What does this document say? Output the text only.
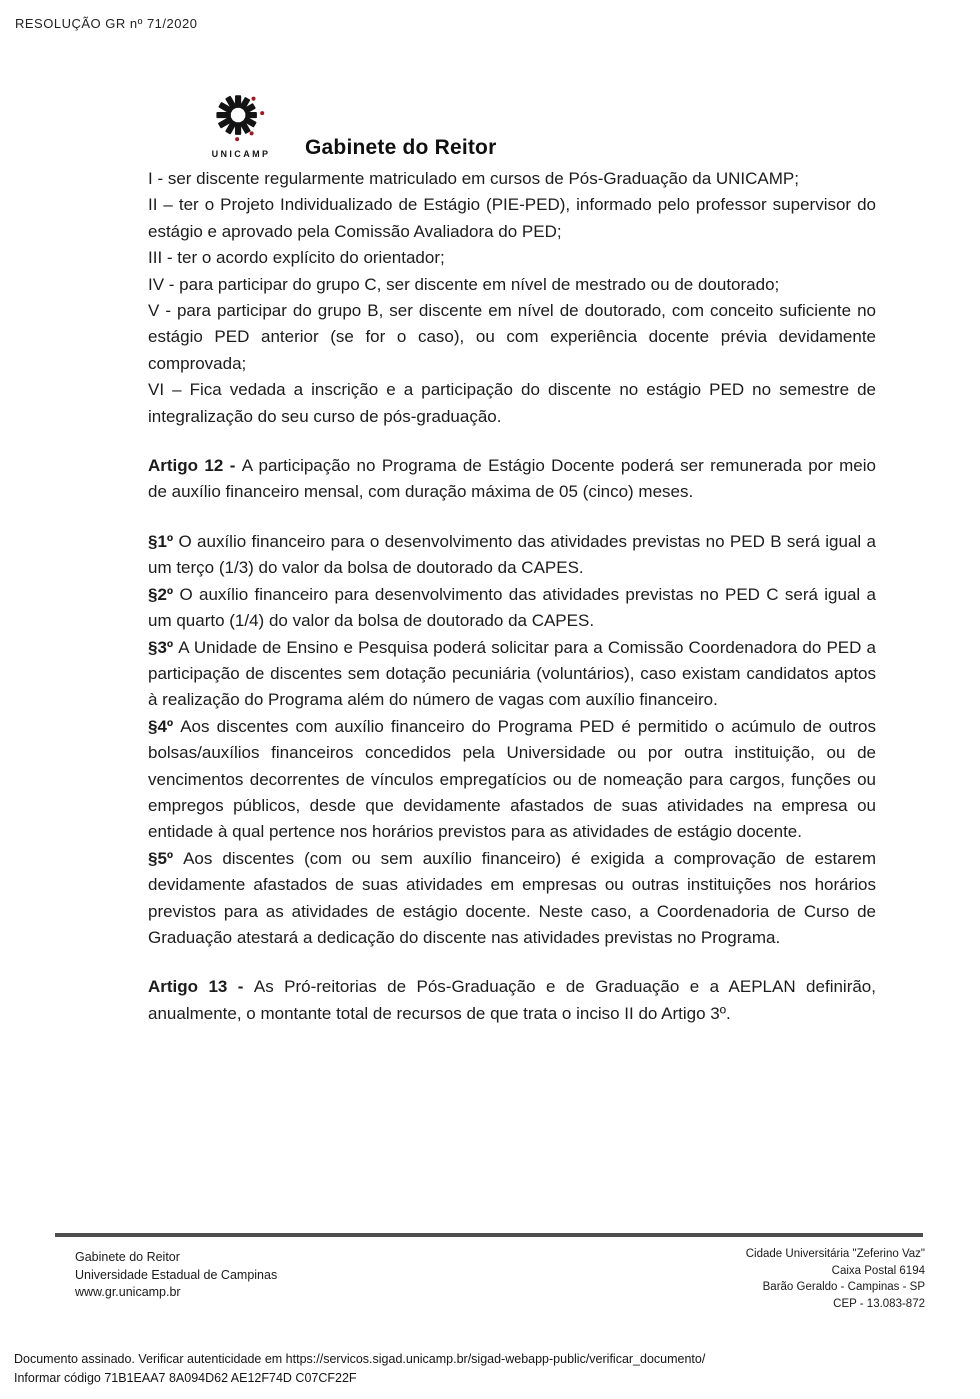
RESOLUÇÃO GR nº 71/2020
UNICAMP Gabinete do Reitor

I - ser discente regularmente matriculado em cursos de Pós-Graduação da UNICAMP;

II – ter o Projeto Individualizado de Estágio (PIE-PED), informado pelo professor supervisor do estágio e aprovado pela Comissão Avaliadora do PED;

III - ter o acordo explícito do orientador;

IV - para participar do grupo C, ser discente em nível de mestrado ou de doutorado;

V - para participar do grupo B, ser discente em nível de doutorado, com conceito suficiente no estágio PED anterior (se for o caso), ou com experiência docente prévia devidamente comprovada;

VI – Fica vedada a inscrição e a participação do discente no estágio PED no semestre de integralização do seu curso de pós-graduação.

Artigo 12 - A participação no Programa de Estágio Docente poderá ser remunerada por meio de auxílio financeiro mensal, com duração máxima de 05 (cinco) meses.

§1º O auxílio financeiro para o desenvolvimento das atividades previstas no PED B será igual a um terço (1/3) do valor da bolsa de doutorado da CAPES.

§2º O auxílio financeiro para desenvolvimento das atividades previstas no PED C será igual a um quarto (1/4) do valor da bolsa de doutorado da CAPES.

§3º A Unidade de Ensino e Pesquisa poderá solicitar para a Comissão Coordenadora do PED a participação de discentes sem dotação pecuniária (voluntários), caso existam candidatos aptos à realização do Programa além do número de vagas com auxílio financeiro.

§4º Aos discentes com auxílio financeiro do Programa PED é permitido o acúmulo de outros bolsas/auxílios financeiros concedidos pela Universidade ou por outra instituição, ou de vencimentos decorrentes de vínculos empregatícios ou de nomeação para cargos, funções ou empregos públicos, desde que devidamente afastados de suas atividades na empresa ou entidade à qual pertence nos horários previstos para as atividades de estágio docente.

§5º Aos discentes (com ou sem auxílio financeiro) é exigida a comprovação de estarem devidamente afastados de suas atividades em empresas ou outras instituições nos horários previstos para as atividades de estágio docente. Neste caso, a Coordenadoria de Curso de Graduação atestará a dedicação do discente nas atividades previstas no Programa.

Artigo 13 - As Pró-reitorias de Pós-Graduação e de Graduação e a AEPLAN definirão, anualmente, o montante total de recursos de que trata o inciso II do Artigo 3º.

Gabinete do Reitor
Universidade Estadual de Campinas
www.gr.unicamp.br
Cidade Universitária "Zeferino Vaz"
Caixa Postal 6194
Barão Geraldo - Campinas - SP
CEP - 13.083-872
Documento assinado. Verificar autenticidade em https://servicos.sigad.unicamp.br/sigad-webapp-public/verificar_documento/
Informar código 71B1EAA7 8A094D62 AE12F74D C07CF22F
